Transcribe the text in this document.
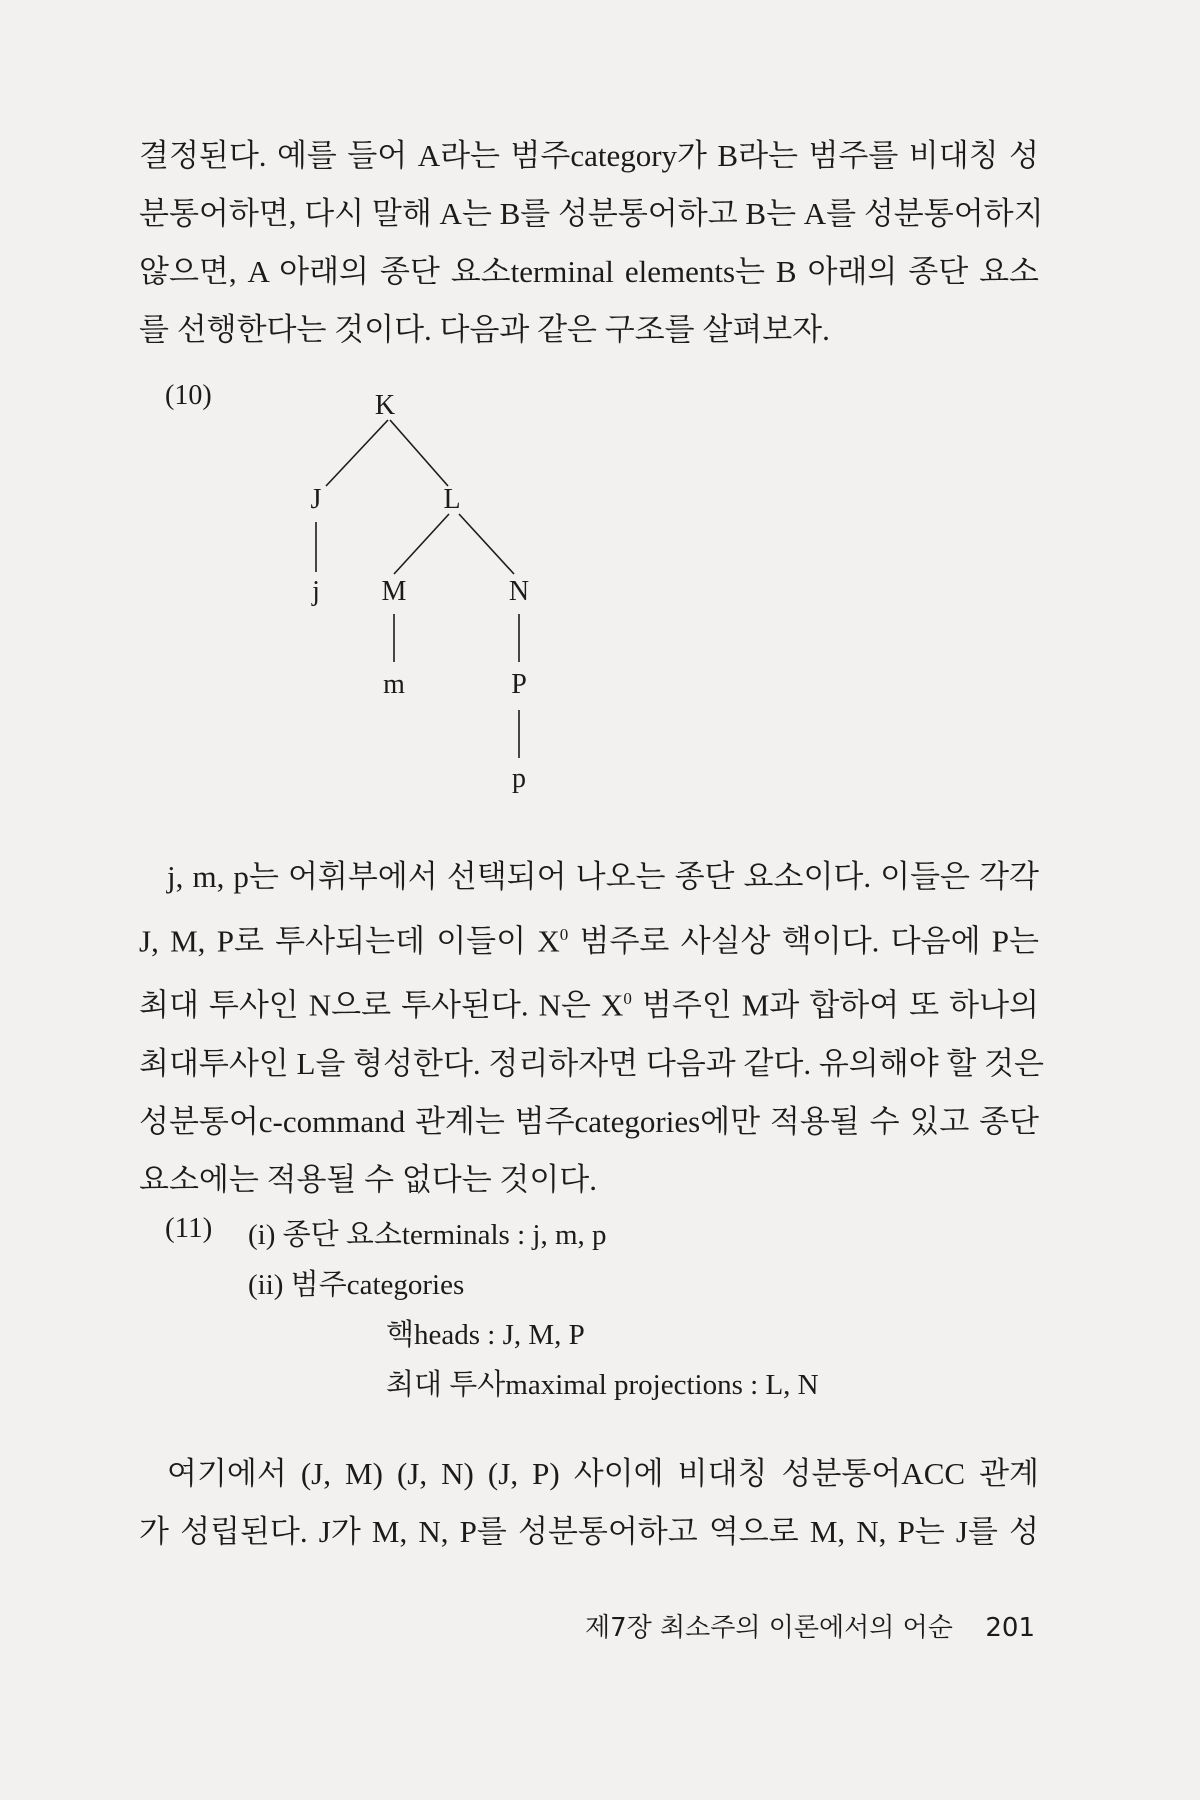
결정된다. 예를 들어 A라는 범주category가 B라는 범주를 비대칭 성
분통어하면, 다시 말해 A는 B를 성분통어하고 B는 A를 성분통어하지
않으면, A 아래의 종단 요소terminal elements는 B 아래의 종단 요소
를 선행한다는 것이다. 다음과 같은 구조를 살펴보자.
(10)	K
J	L
j M	N
m	P
p
j, m, p는 어휘부에서 선택되어 나오는 종단 요소이다. 이들은 각각
J, M, P로 투사되는데 이들이 $X^0$ 범주로 사실상 핵이다. 다음에 P는
최대 투사인 N으로 투사된다. N은 $X^0$ 범주인 M과 합하여 또 하나의
최대투사인 L을 형성한다. 정리하자면 다음과 같다. 유의해야 할 것은
성분통어c-command 관계는 범주categories에만 적용될 수 있고 종단
요소에는 적용될 수 없다는 것이다.
(11) (i) 종단 요소terminals : j, m, p
(ii) 범주categories
핵heads : J, M, P
최대 투사maximal projections : L, N
여기에서 (J, M) (J, N) (J, P) 사이에 비대칭 성분통어ACC 관계
가 성립된다. J가 M, N, P를 성분통어하고 역으로 M, N, P는 J를 성
제7장 최소주의 이론에서의 어순 201
